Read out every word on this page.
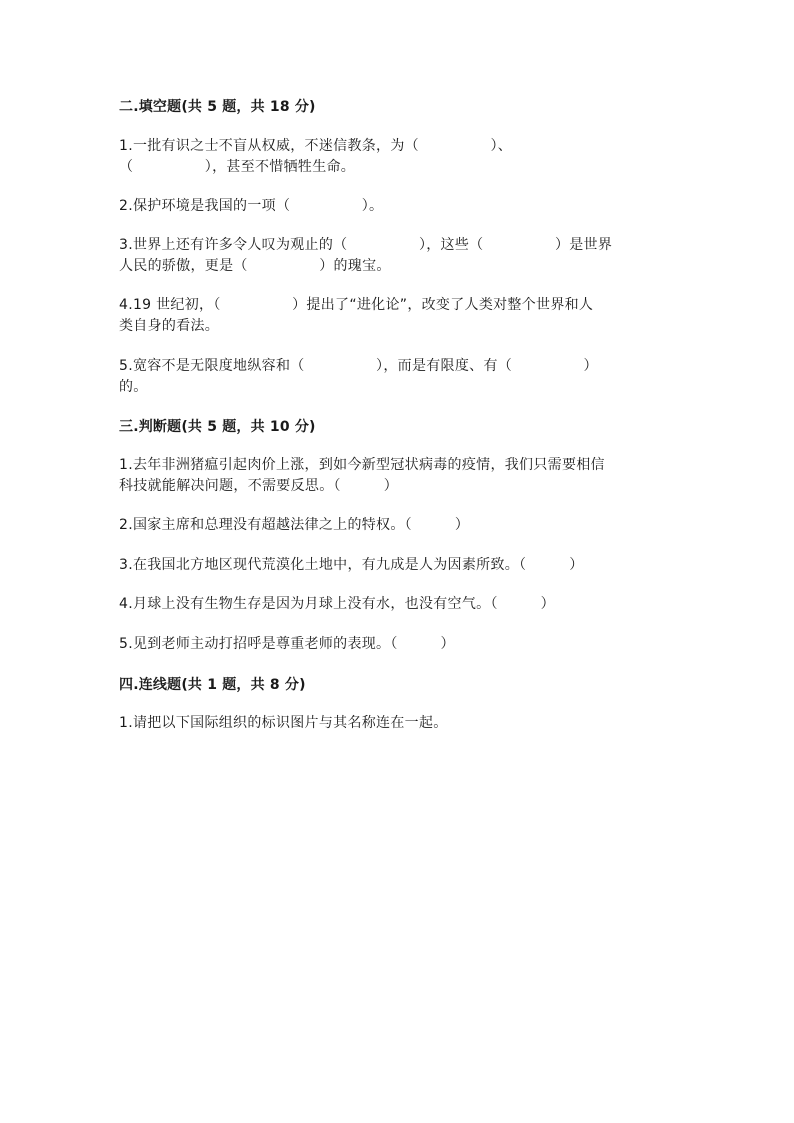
二.填空题(共 5 题，共 18 分)
1.一批有识之士不盲从权威，不迷信教条，为（　　　　　）、
（　　　　　），甚至不惜牺牲生命。
2.保护环境是我国的一项（　　　　　）。
3.世界上还有许多令人叹为观止的（　　　　　），这些（　　　　　）是世界
人民的骄傲，更是（　　　　　）的瑰宝。
4.19 世纪初，（　　　　　）提出了“进化论”，改变了人类对整个世界和人
类自身的看法。
5.宽容不是无限度地纵容和（　　　　　），而是有限度、有（　　　　　）
的。
三.判断题(共 5 题，共 10 分)
1.去年非洲猪瘟引起肉价上涨，到如今新型冠状病毒的疫情，我们只需要相信
科技就能解决问题，不需要反思。（　　　）
2.国家主席和总理没有超越法律之上的特权。（　　　）
3.在我国北方地区现代荒漠化土地中，有九成是人为因素所致。（　　　）
4.月球上没有生物生存是因为月球上没有水，也没有空气。（　　　）
5.见到老师主动打招呼是尊重老师的表现。（　　　）
四.连线题(共 1 题，共 8 分)
1.请把以下国际组织的标识图片与其名称连在一起。
